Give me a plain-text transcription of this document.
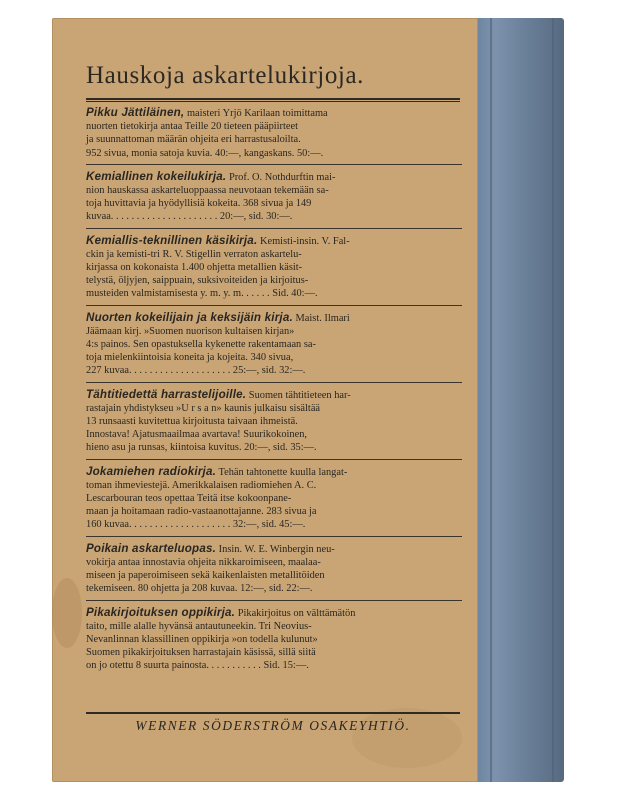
Hauskoja askartelukirjoja.

Pikku Jättiläinen, maisteri Yrjö Karilaan toimittama

nuorten tietokirja antaa Teille 20 tieteen pääpiirteet

ja suunnattoman määrän ohjeita eri harrastusaloilta.

952 sivua, monia satoja kuvia. 40:—, kangaskans. 50:—.

Kemiallinen kokeilukirja. Prof. O. Nothdurftin mai-

nion hauskassa askarteluoppaassa neuvotaan tekemään sa-

toja huvittavia ja hyödyllisiä kokeita. 368 sivua ja 149

kuvaa. . . . . . . . . . . . . . . . . . . . . 20:—, sid. 30:—.

Kemiallis-teknillinen käsikirja. Kemisti-insin. V. Fal-

ckin ja kemisti-tri R. V. Stigellin verraton askartelu-

kirjassa on kokonaista 1.400 ohjetta metallien käsit-

telystä, öljyjen, saippuain, suksivoiteiden ja kirjoitus-

musteiden valmistamisesta y. m. y. m. . . . . . Sid. 40:—.

Nuorten kokeilijain ja keksijäin kirja. Maist. Ilmari

Jäämaan kirj. »Suomen nuorison kultaisen kirjan»

4:s painos. Sen opastuksella kykenette rakentamaan sa-

toja mielenkiintoisia koneita ja kojeita. 340 sivua,

227 kuvaa. . . . . . . . . . . . . . . . . . . . 25:—, sid. 32:—.

Tähtitiedettä harrastelijoille. Suomen tähtitieteen har-

rastajain yhdistykseu »U r s a n» kaunis julkaisu sisältää

13 runsaasti kuvitettua kirjoitusta taivaan ihmeistä.

Innostava! Ajatusmaailmaa avartava! Suurikokoinen,

hieno asu ja runsas, kiintoisa kuvitus. 20:—, sid. 35:—.

Jokamiehen radiokirja. Tehän tahtonette kuulla langat-

toman ihmeviestejä. Amerikkalaisen radiomiehen A. C.

Lescarbouran teos opettaa Teitä itse kokoonpane-

maan ja hoitamaan radio-vastaanottajanne. 283 sivua ja

160 kuvaa. . . . . . . . . . . . . . . . . . . . 32:—, sid. 45:—.

Poikain askarteluopas. Insin. W. E. Winbergin neu-

vokirja antaa innostavia ohjeita nikkaroimiseen, maalaa-

miseen ja paperoimiseen sekä kaikenlaisten metallitöiden

tekemiseen. 80 ohjetta ja 208 kuvaa. 12:—, sid. 22:—.

Pikakirjoituksen oppikirja. Pikakirjoitus on välttämätön

taito, mille alalle hyvänsä antautuneekin. Tri Neovius-

Nevanlinnan klassillinen oppikirja »on todella kulunut»

Suomen pikakirjoituksen harrastajain käsissä, sillä siitä

on jo otettu 8 suurta painosta. . . . . . . . . . . Sid. 15:—.

WERNER SÖDERSTRÖM OSAKEYHTIÖ.
